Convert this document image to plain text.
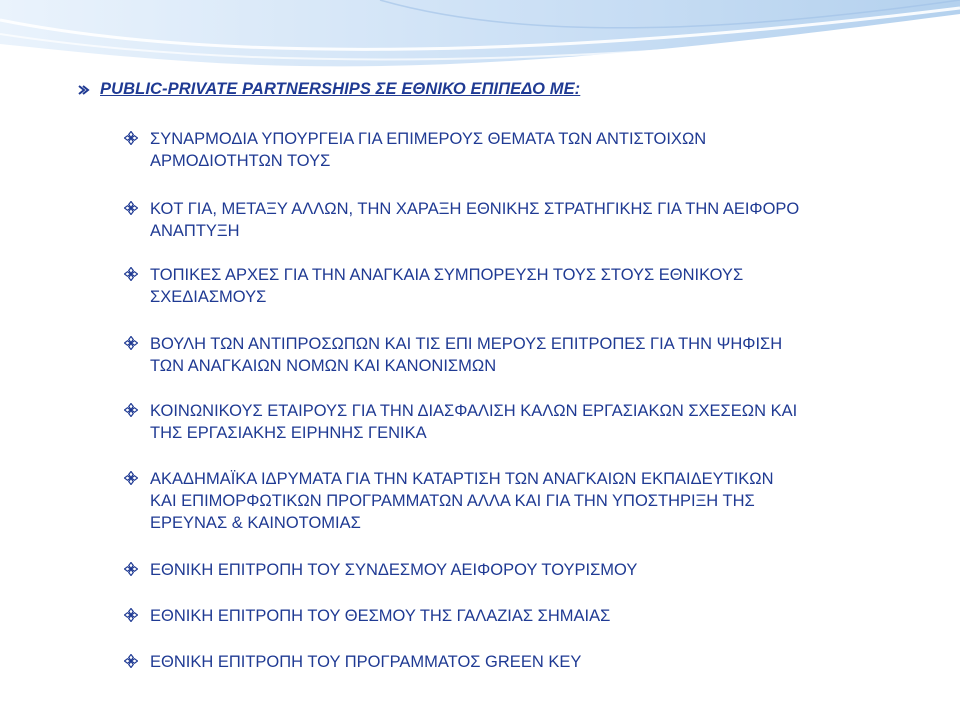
PUBLIC-PRIVATE PARTNERSHIPS ΣΕ ΕΘΝΙΚΟ ΕΠΙΠΕΔΟ ΜΕ:
ΣΥΝΑΡΜΟΔΙΑ ΥΠΟΥΡΓΕΙΑ ΓΙΑ ΕΠΙΜΕΡΟΥΣ ΘΕΜΑΤΑ ΤΩΝ ΑΝΤΙΣΤΟΙΧΩΝ
ΑΡΜΟΔΙΟΤΗΤΩΝ ΤΟΥΣ
ΚΟΤ ΓΙΑ, ΜΕΤΑΞΥ ΑΛΛΩΝ, ΤΗΝ ΧΑΡΑΞΗ ΕΘΝΙΚΗΣ ΣΤΡΑΤΗΓΙΚΗΣ ΓΙΑ ΤΗΝ ΑΕΙΦΟΡΟ
ΑΝΑΠΤΥΞΗ
ΤΟΠΙΚΕΣ ΑΡΧΕΣ ΓΙΑ ΤΗΝ ΑΝΑΓΚΑΙΑ ΣΥΜΠΟΡΕΥΣΗ ΤΟΥΣ ΣΤΟΥΣ ΕΘΝΙΚΟΥΣ
ΣΧΕΔΙΑΣΜΟΥΣ
ΒΟΥΛΗ ΤΩΝ ΑΝΤΙΠΡΟΣΩΠΩΝ ΚΑΙ ΤΙΣ ΕΠΙ ΜΕΡΟΥΣ ΕΠΙΤΡΟΠΕΣ ΓΙΑ ΤΗΝ ΨΗΦΙΣΗ
ΤΩΝ ΑΝΑΓΚΑΙΩΝ ΝΟΜΩΝ ΚΑΙ ΚΑΝΟΝΙΣΜΩΝ
ΚΟΙΝΩΝΙΚΟΥΣ ΕΤΑΙΡΟΥΣ ΓΙΑ ΤΗΝ ΔΙΑΣΦΑΛΙΣΗ ΚΑΛΩΝ ΕΡΓΑΣΙΑΚΩΝ ΣΧΕΣΕΩΝ ΚΑΙ
ΤΗΣ ΕΡΓΑΣΙΑΚΗΣ ΕΙΡΗΝΗΣ ΓΕΝΙΚΑ
ΑΚΑΔΗΜΑΪΚΑ ΙΔΡΥΜΑΤΑ ΓΙΑ ΤΗΝ ΚΑΤΑΡΤΙΣΗ ΤΩΝ ΑΝΑΓΚΑΙΩΝ ΕΚΠΑΙΔΕΥΤΙΚΩΝ
ΚΑΙ ΕΠΙΜΟΡΦΩΤΙΚΩΝ ΠΡΟΓΡΑΜΜΑΤΩΝ ΑΛΛΑ ΚΑΙ ΓΙΑ ΤΗΝ ΥΠΟΣΤΗΡΙΞΗ ΤΗΣ
ΕΡΕΥΝΑΣ & ΚΑΙΝΟΤΟΜΙΑΣ
ΕΘΝΙΚΗ ΕΠΙΤΡΟΠΗ ΤΟΥ ΣΥΝΔΕΣΜΟΥ ΑΕΙΦΟΡΟΥ ΤΟΥΡΙΣΜΟΥ
ΕΘΝΙΚΗ ΕΠΙΤΡΟΠΗ ΤΟΥ ΘΕΣΜΟΥ ΤΗΣ ΓΑΛΑΖΙΑΣ ΣΗΜΑΙΑΣ
ΕΘΝΙΚΗ ΕΠΙΤΡΟΠΗ ΤΟΥ ΠΡΟΓΡΑΜΜΑΤΟΣ GREEN KEY
